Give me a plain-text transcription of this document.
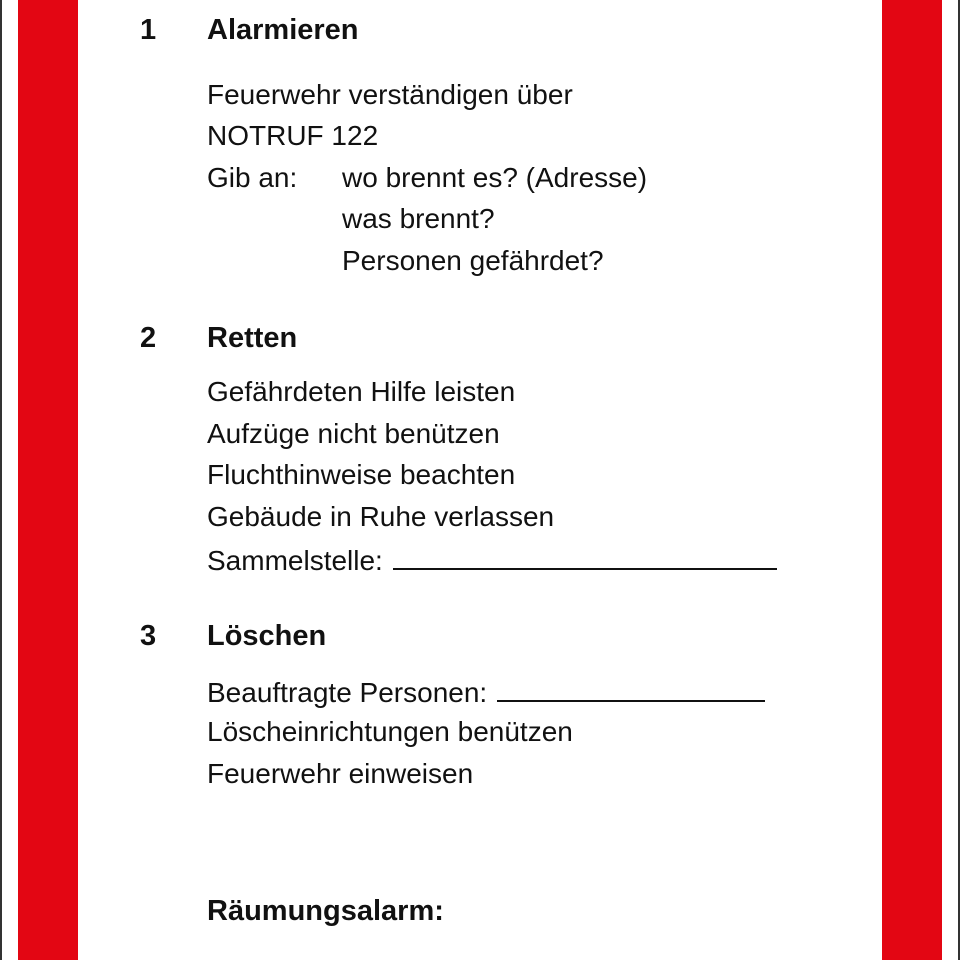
1 Alarmieren
Feuerwehr verständigen über
NOTRUF 122
Gib an: wo brennt es? (Adresse)
was brennt?
Personen gefährdet?
2 Retten
Gefährdeten Hilfe leisten
Aufzüge nicht benützen
Fluchthinweise beachten
Gebäude in Ruhe verlassen
Sammelstelle:
3 Löschen
Beauftragte Personen:
Löscheinrichtungen benützen
Feuerwehr einweisen
Räumungsalarm:
